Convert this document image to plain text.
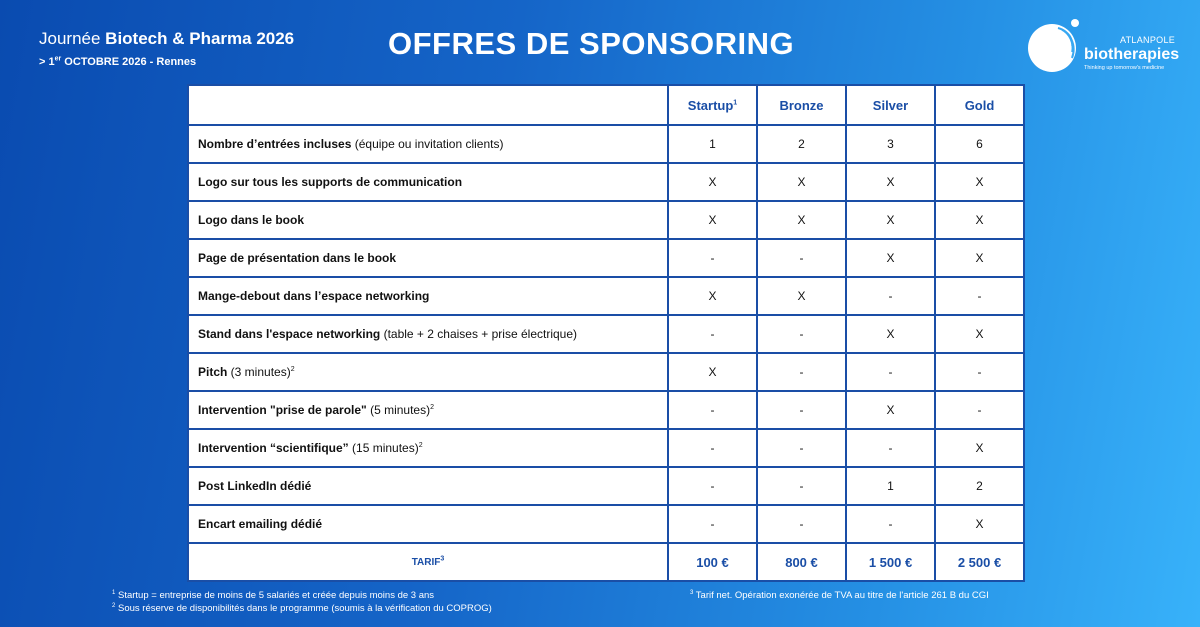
Journée Biotech & Pharma 2026
> 1er OCTOBRE 2026 - Rennes
OFFRES DE SPONSORING	ATLANPOLE
biotherapies
Thinking up tomorrow's medicine
	Startup$^1$	Bronze	Silver	Gold
Nombre d’entrées incluses (équipe ou invitation clients)	1	2	3	6
Logo sur tous les supports de communication	X	X	X	X
Logo dans le book	X	X	X	X
Page de présentation dans le book	-	-	X	X
Mange-debout dans l’espace networking	X	X	-	-
Stand dans l'espace networking (table + 2 chaises + prise électrique)	-	-	X	X
Pitch (3 minutes)$^2$	X	-	-	-
Intervention "prise de parole" (5 minutes)$^2$	-	-	X	-
Intervention “scientifique” (15 minutes)$^2$	-	-	-	X
Post LinkedIn dédié	-	-	1	2
Encart emailing dédié	-	-	-	X
TARIF$^3$	100 €	800 €	1 500 €	2 500 €
$^1$ Startup = entreprise de moins de 5 salariés et créée depuis moins de 3 ans
$^2$ Sous réserve de disponibilités dans le programme (soumis à la vérification du COPROG)
$^3$ Tarif net. Opération exonérée de TVA au titre de l'article 261 B du CGI
